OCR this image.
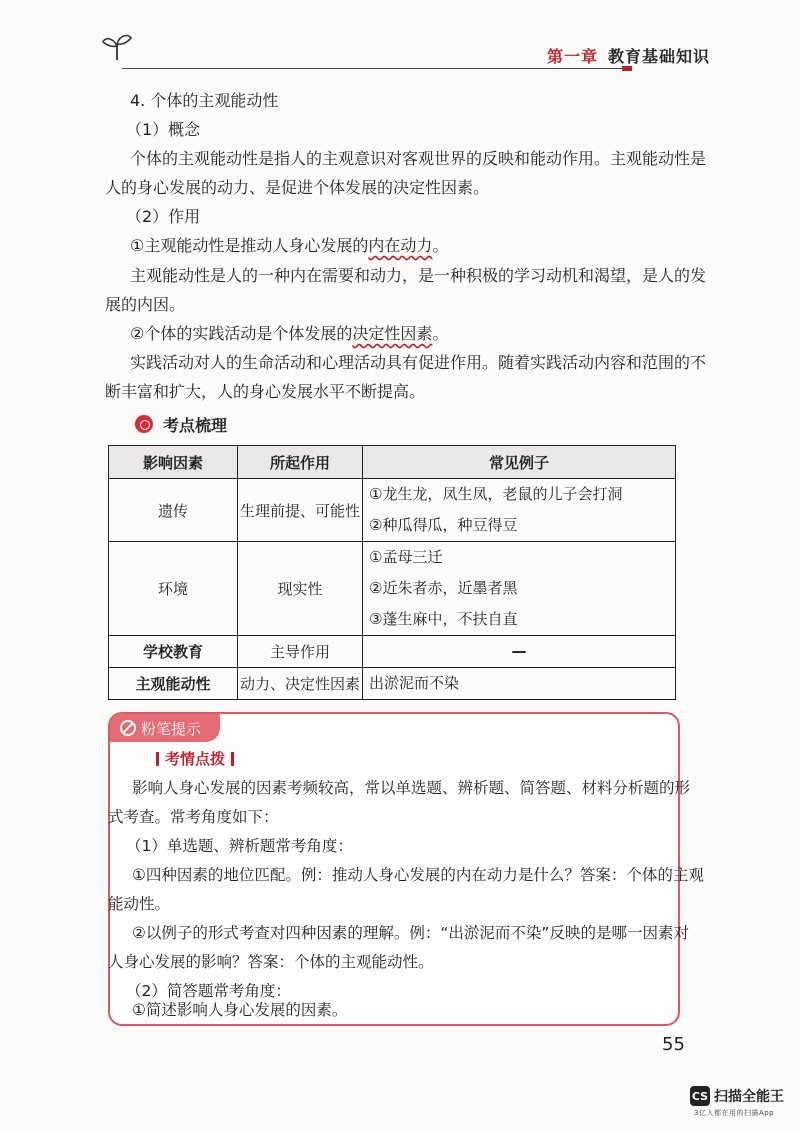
第一章 教育基础知识
4. 个体的主观能动性
（1）概念
个体的主观能动性是指人的主观意识对客观世界的反映和能动作用。主观能动性是
人的身心发展的动力、是促进个体发展的决定性因素。
（2）作用
①主观能动性是推动人身心发展的内在动力。
主观能动性是人的一种内在需要和动力，是一种积极的学习动机和渴望，是人的发
展的内因。
②个体的实践活动是个体发展的决定性因素。
实践活动对人的生命活动和心理活动具有促进作用。随着实践活动内容和范围的不
断丰富和扩大，人的身心发展水平不断提高。
考点梳理
影响因素	所起作用	常见例子
遗传	生理前提、可能性	①龙生龙，凤生凤，老鼠的儿子会打洞
②种瓜得瓜，种豆得豆

环境	现实性	①孟母三迁
②近朱者赤，近墨者黑
③蓬生麻中，不扶自直

学校教育	主导作用	—

主观能动性	动力、决定性因素	出淤泥而不染
粉笔提示
考情点拨
影响人身心发展的因素考频较高，常以单选题、辨析题、简答题、材料分析题的形
式考查。常考角度如下：
（1）单选题、辨析题常考角度：
①四种因素的地位匹配。例：推动人身心发展的内在动力是什么？答案：个体的主观
能动性。
②以例子的形式考查对四种因素的理解。例：“出淤泥而不染”反映的是哪一因素对
人身心发展的影响？答案：个体的主观能动性。
（2）简答题常考角度：
①简述影响人身心发展的因素。
55
CS 扫描全能王
3亿人都在用的扫描App
